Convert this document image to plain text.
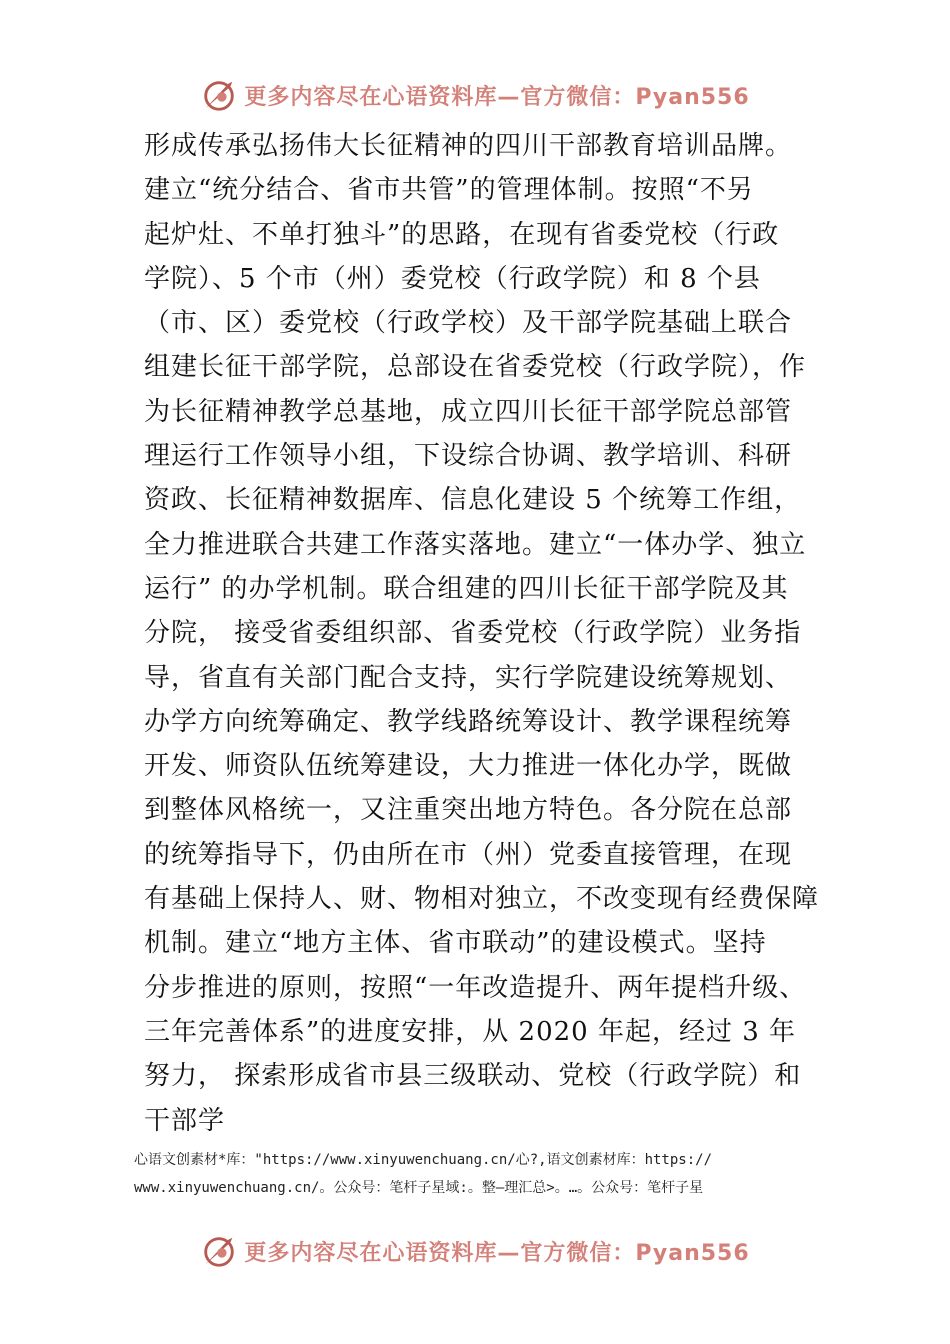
更多内容尽在心语资料库—官方微信：Pyan556
形成传承弘扬伟大长征精神的四川干部教育培训品牌。
建立“统分结合、省市共管”的管理体制。按照“不另
起炉灶、不单打独斗”的思路，在现有省委党校（行政
学院）、5 个市（州）委党校（行政学院）和 8 个县
（市、区）委党校（行政学校）及干部学院基础上联合
组建长征干部学院，总部设在省委党校（行政学院），作
为长征精神教学总基地，成立四川长征干部学院总部管
理运行工作领导小组，下设综合协调、教学培训、科研
资政、长征精神数据库、信息化建设 5 个统筹工作组，
全力推进联合共建工作落实落地。建立“一体办学、独立
运行” 的办学机制。联合组建的四川长征干部学院及其
分院， 接受省委组织部、省委党校（行政学院）业务指
导，省直有关部门配合支持，实行学院建设统筹规划、
办学方向统筹确定、教学线路统筹设计、教学课程统筹
开发、师资队伍统筹建设，大力推进一体化办学，既做
到整体风格统一，又注重突出地方特色。各分院在总部
的统筹指导下，仍由所在市（州）党委直接管理，在现
有基础上保持人、财、物相对独立，不改变现有经费保障
机制。建立“地方主体、省市联动”的建设模式。坚持
分步推进的原则，按照“一年改造提升、两年提档升级、
三年完善体系”的进度安排，从 2020 年起，经过 3 年
努力， 探索形成省市县三级联动、党校（行政学院）和
干部学
心语文创素材*库："https://www.xinyuwenchuang.cn/心?,语文创素材库：https://
www.xinyuwenchuang.cn/。公众号：笔杆子星域:。整—理汇总>。…。公众号：笔杆子星
更多内容尽在心语资料库—官方微信：Pyan556
